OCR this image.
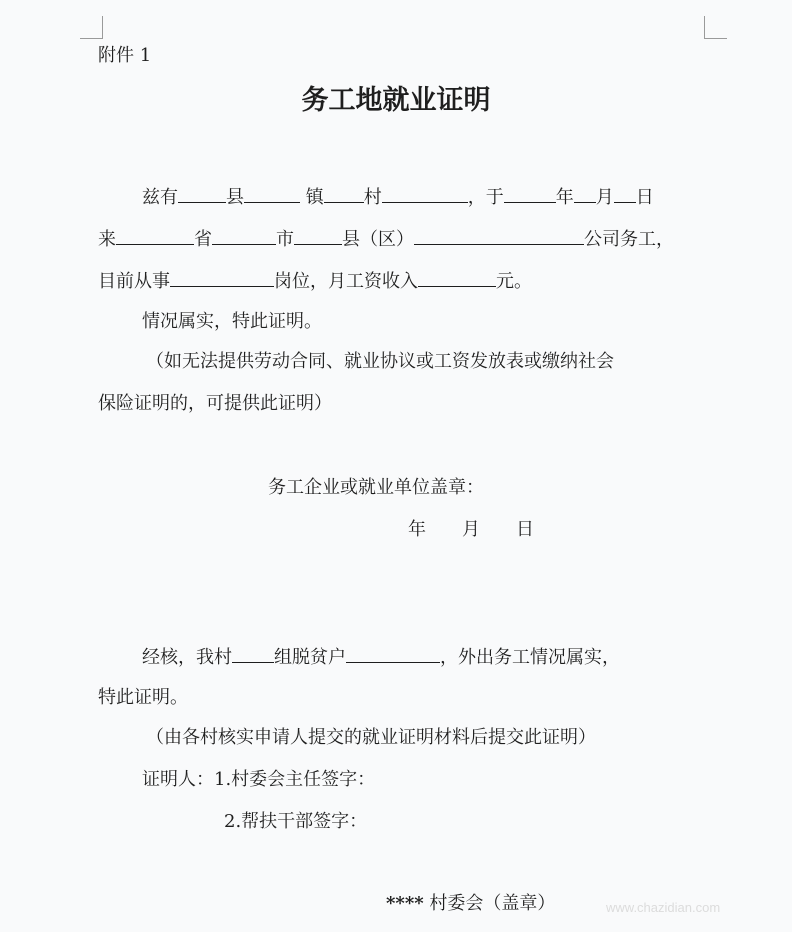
附件 1
务工地就业证明
兹有	县	镇 村	，于	年 月 日
来	省	市	县（区）	公司务工，
目前从事	岗位，月工资收入	元。
情况属实，特此证明。
（如无法提供劳动合同、就业协议或工资发放表或缴纳社会
保险证明的，可提供此证明）
务工企业或就业单位盖章：
年 月 日
经核，我村 组脱贫户	，外出务工情况属实，
特此证明。
（由各村核实申请人提交的就业证明材料后提交此证明）
证明人：1.村委会主任签字：
2.帮扶干部签字：
**** 村委会（盖章）	www.chazidian.com
